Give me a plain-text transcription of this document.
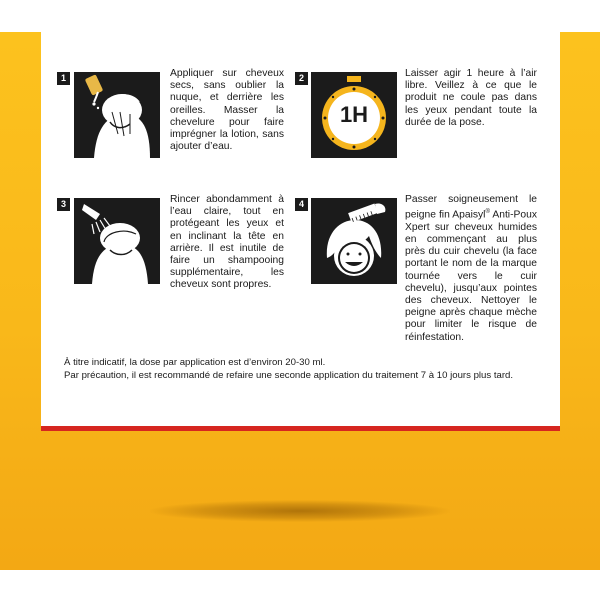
1	Appliquer sur cheveux secs, sans oublier la nuque, et derrière les oreilles. Masser la chevelure pour faire imprégner la lotion, sans ajouter d’eau.
2
1H
Laisser agir 1 heure à l’air libre. Veillez à ce que le produit ne coule pas dans les yeux pendant toute la durée de la pose.
3	Rincer abondamment à l’eau claire, tout en protégeant les yeux et en inclinant la tête en arrière. Il est inutile de faire un shampooing supplémentaire, les cheveux sont propres.
4	Passer soigneusement le peigne fin Apaisyl® Anti-Poux Xpert sur cheveux humides en commençant au plus près du cuir chevelu (la face portant le nom de la marque tournée vers le cuir chevelu), jusqu’aux pointes des cheveux. Nettoyer le peigne après chaque mèche pour limiter le risque de réinfestation.
À titre indicatif, la dose par application est d’environ 20-30 ml.
Par précaution, il est recommandé de refaire une seconde application du traitement 7 à 10 jours plus tard.
